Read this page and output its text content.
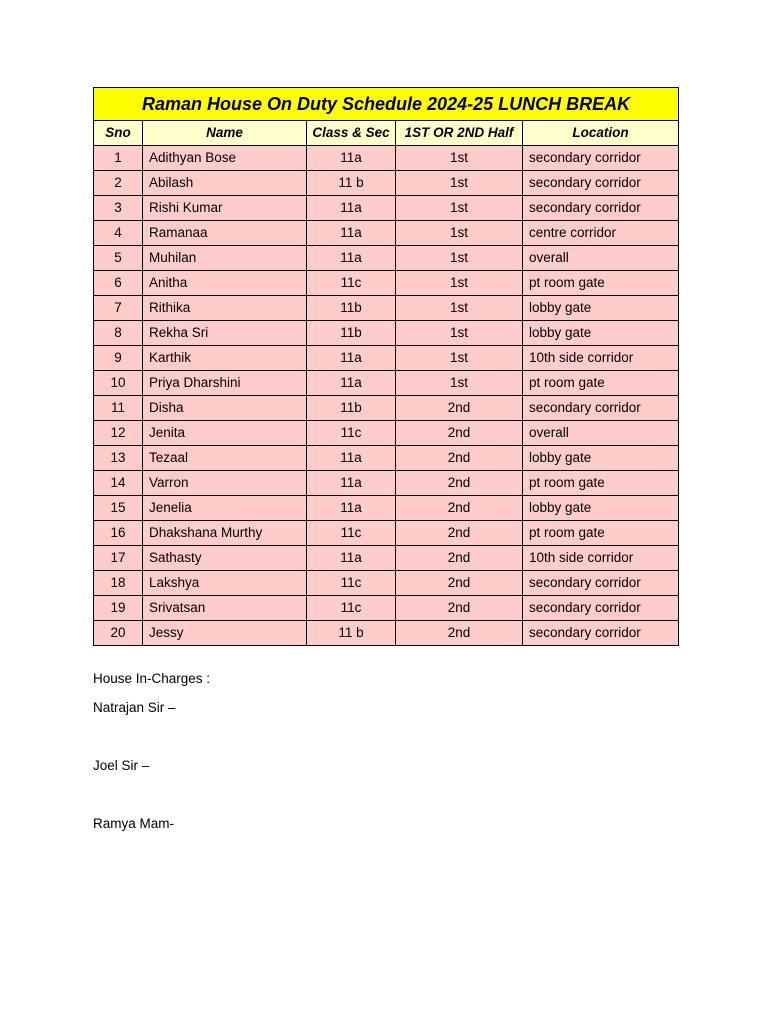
Raman House On Duty Schedule 2024-25 LUNCH BREAK				
Sno	Name	Class & Sec	1ST OR 2ND Half	Location
1	Adithyan Bose	11a	1st	secondary corridor
2	Abilash	11 b	1st	secondary corridor
3	Rishi Kumar	11a	1st	secondary corridor
4	Ramanaa	11a	1st	centre corridor
5	Muhilan	11a	1st	overall
6	Anitha	11c	1st	pt room gate
7	Rithika	11b	1st	lobby gate
8	Rekha Sri	11b	1st	lobby gate
9	Karthik	11a	1st	10th side corridor
10	Priya Dharshini	11a	1st	pt room gate
11	Disha	11b	2nd	secondary corridor
12	Jenita	11c	2nd	overall
13	Tezaal	11a	2nd	lobby gate
14	Varron	11a	2nd	pt room gate
15	Jenelia	11a	2nd	lobby gate
16	Dhakshana Murthy	11c	2nd	pt room gate
17	Sathasty	11a	2nd	10th side corridor
18	Lakshya	11c	2nd	secondary corridor
19	Srivatsan	11c	2nd	secondary corridor
20	Jessy	11 b	2nd	secondary corridor
House In-Charges :
Natrajan Sir –
Joel Sir –
Ramya Mam-
